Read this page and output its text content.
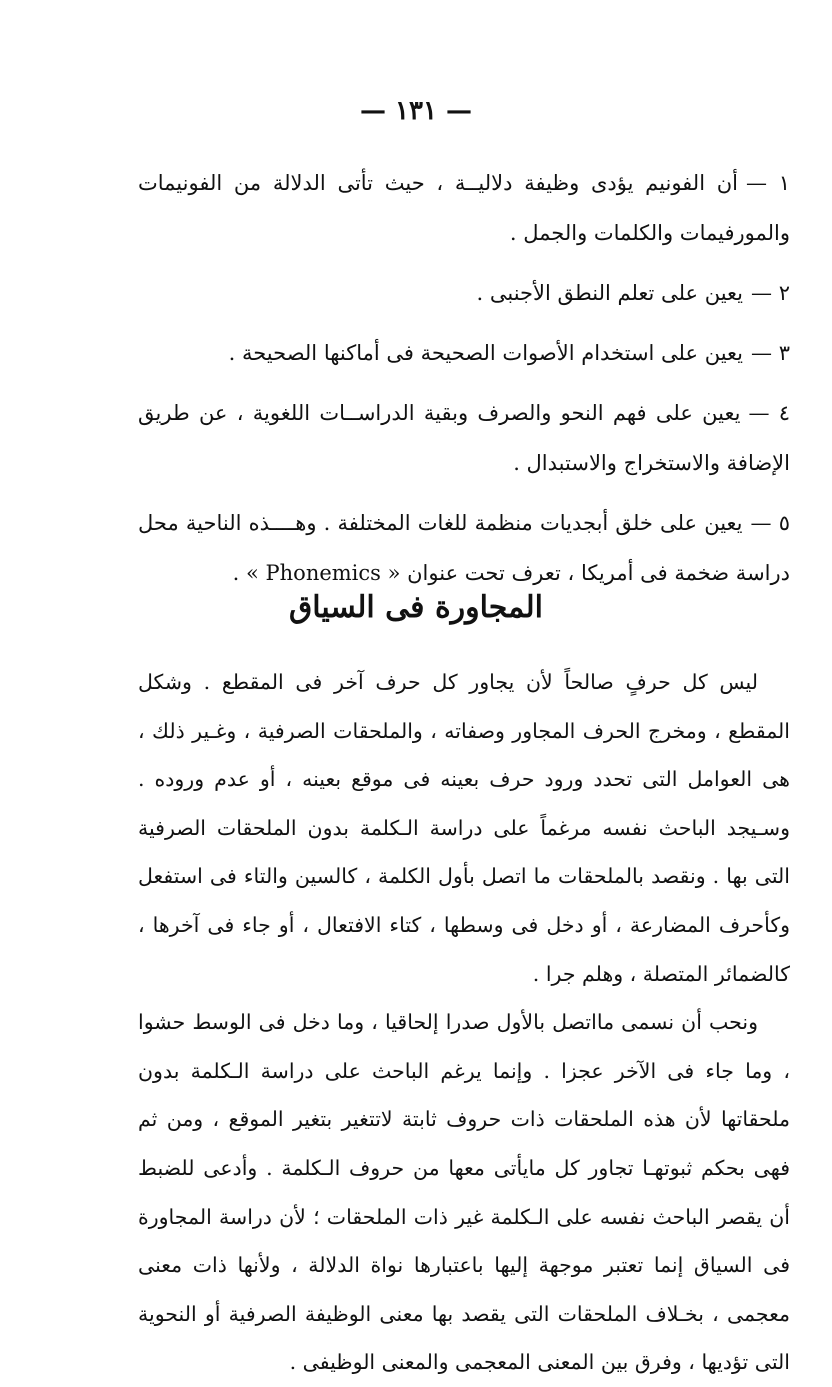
— ١٣١ —

١ —أن الفونيم يؤدى وظيفة دلاليــة ، حيث تأتى الدلالة من الفونيمات والمورفيمات والكلمات والجمل .

٢ —يعين على تعلم النطق الأجنبى .

٣ —يعين على استخدام الأصوات الصحيحة فى أماكنها الصحيحة .

٤ —يعين على فهم النحو والصرف وبقية الدراســات اللغوية ، عن طريق الإضافة والاستخراج والاستبدال .

٥ —يعين على خلق أبجديات منظمة للغات المختلفة . وهــــذه الناحية محل دراسة ضخمة فى أمريكا ، تعرف تحت عنوان « Phonemics » .

المجاورة فى السياق

ليس كل حرفٍ صالحاً لأن يجاور كل حرف آخر فى المقطع . وشكل المقطع ، ومخرج الحرف المجاور وصفاته ، والملحقات الصرفية ، وغـير ذلك ، هى العوامل التى تحدد ورود حرف بعينه فى موقع بعينه ، أو عدم وروده . وسـيجد الباحث نفسه مرغماً على دراسة الـكلمة بدون الملحقات الصرفية التى بها . ونقصد بالملحقات ما اتصل بأول الكلمة ، كالسين والتاء فى استفعل وكأحرف المضارعة ، أو دخل فى وسطها ، كتاء الافتعال ، أو جاء فى آخرها ، كالضمائر المتصلة ، وهلم جرا .

ونحب أن نسمى مااتصل بالأول صدرا إلحاقيا ، وما دخل فى الوسط حشوا ، وما جاء فى الآخر عجزا . وإنما يرغم الباحث على دراسة الـكلمة بدون ملحقاتها لأن هذه الملحقات ذات حروف ثابتة لاتتغير بتغير الموقع ، ومن ثم فهى بحكم ثبوتهـا تجاور كل مايأتى معها من حروف الـكلمة . وأدعى للضبط أن يقصر الباحث نفسه على الـكلمة غير ذات الملحقات ؛ لأن دراسة المجاورة فى السياق إنما تعتبر موجهة إليها باعتبارها نواة الدلالة ، ولأنها ذات معنى معجمى ، بخـلاف الملحقات التى يقصد بها معنى الوظيفة الصرفية أو النحوية التى تؤديها ، وفرق بين المعنى المعجمى والمعنى الوظيفى .
